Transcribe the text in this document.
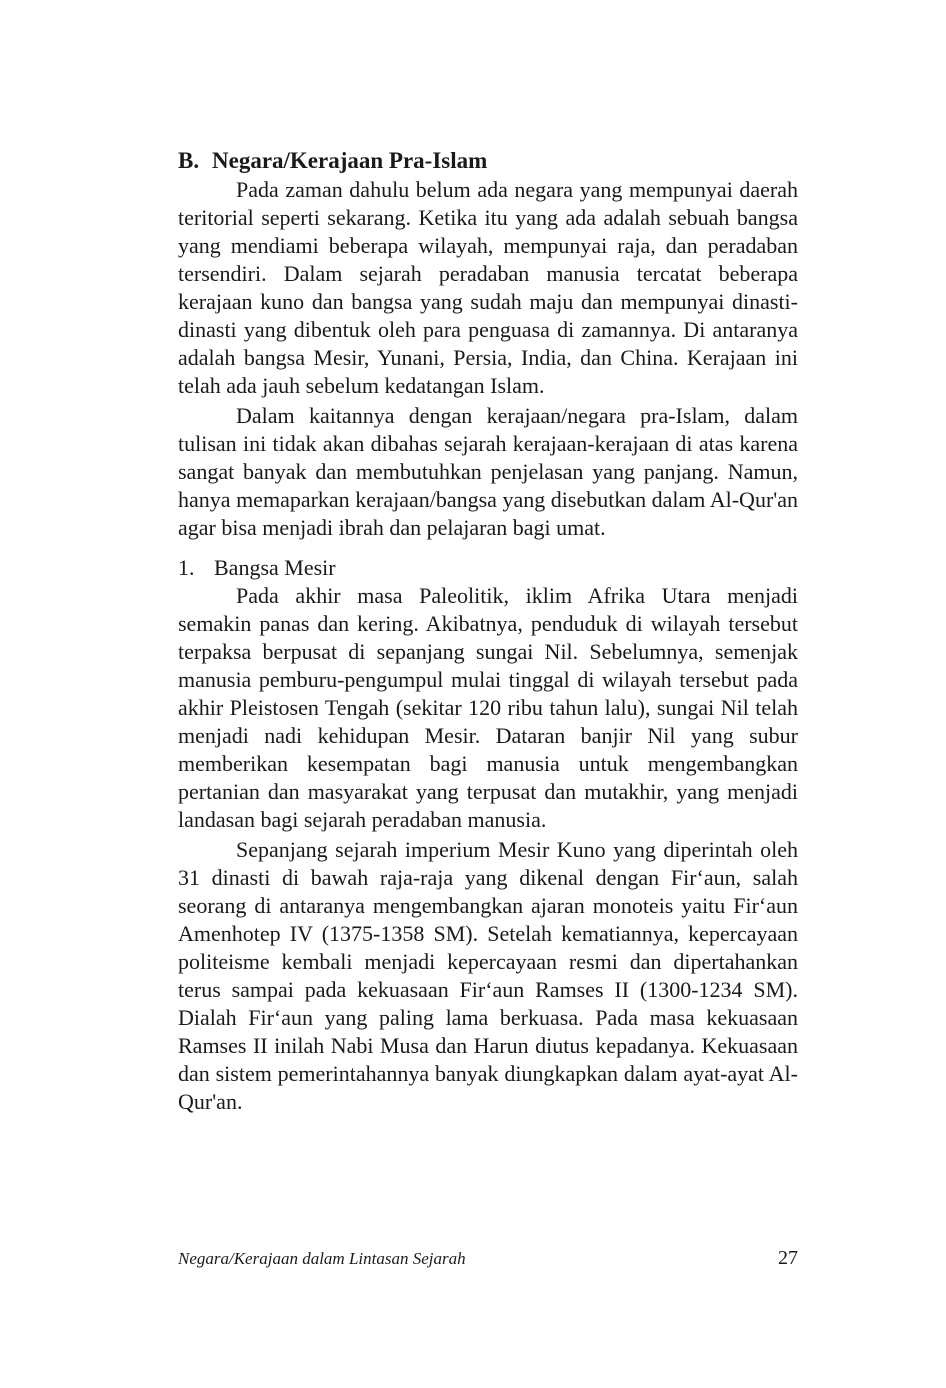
B. Negara/Kerajaan Pra-Islam

Pada zaman dahulu belum ada negara yang mempunyai daerah teritorial seperti sekarang. Ketika itu yang ada adalah sebuah bangsa yang mendiami beberapa wilayah, mempunyai raja, dan peradaban tersendiri. Dalam sejarah peradaban manusia tercatat beberapa kerajaan kuno dan bangsa yang sudah maju dan mempunyai dinasti-dinasti yang dibentuk oleh para penguasa di zamannya. Di antaranya adalah bangsa Mesir, Yunani, Persia, India, dan China. Kerajaan ini telah ada jauh sebelum kedatangan Islam.

Dalam kaitannya dengan kerajaan/negara pra-Islam, dalam tulisan ini tidak akan dibahas sejarah kerajaan-kerajaan di atas karena sangat banyak dan membutuhkan penjelasan yang panjang. Namun, hanya memaparkan kerajaan/bangsa yang disebutkan dalam Al-Qur'an agar bisa menjadi ibrah dan pelajaran bagi umat.

1. Bangsa Mesir

Pada akhir masa Paleolitik, iklim Afrika Utara menjadi semakin panas dan kering. Akibatnya, penduduk di wilayah tersebut terpaksa berpusat di sepanjang sungai Nil. Sebelumnya, semenjak manusia pemburu-pengumpul mulai tinggal di wilayah tersebut pada akhir Pleistosen Tengah (sekitar 120 ribu tahun lalu), sungai Nil telah menjadi nadi kehidupan Mesir. Dataran banjir Nil yang subur memberikan kesempatan bagi manusia untuk mengembangkan pertanian dan masyarakat yang terpusat dan mutakhir, yang menjadi landasan bagi sejarah peradaban manusia.

Sepanjang sejarah imperium Mesir Kuno yang diperintah oleh 31 dinasti di bawah raja-raja yang dikenal dengan Fir‘aun, salah seorang di antaranya mengembangkan ajaran monoteis yaitu Fir‘aun Amenhotep IV (1375-1358 SM). Setelah kematiannya, kepercayaan politeisme kembali menjadi kepercayaan resmi dan dipertahankan terus sampai pada kekuasaan Fir‘aun Ramses II (1300-1234 SM). Dialah Fir‘aun yang paling lama berkuasa. Pada masa kekuasaan Ramses II inilah Nabi Musa dan Harun diutus kepadanya. Kekuasaan dan sistem pemerintahannya banyak diungkapkan dalam ayat-ayat Al-Qur'an.

Negara/Kerajaan dalam Lintasan Sejarah	27
